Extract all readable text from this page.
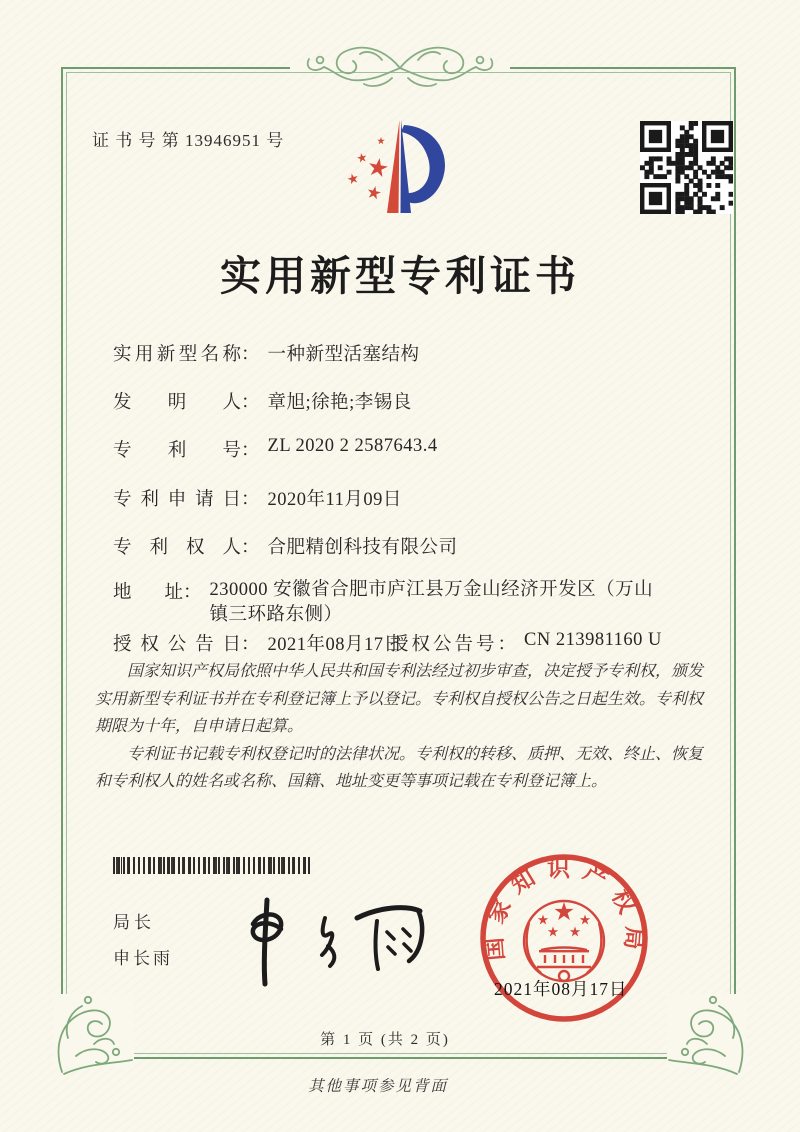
证 书 号 第 13946951 号
实用新型专利证书
实用新型名称： 一种新型活塞结构
发明人： 章旭;徐艳;李锡良
专利号： ZL 2020 2 2587643.4
专利申请日： 2020年11月09日
专利权人： 合肥精创科技有限公司
地址： 230000 安徽省合肥市庐江县万金山经济开发区（万山镇三环路东侧）
授权公告日： 2021年08月17日
授权公告号： CN 213981160 U

国家知识产权局依照中华人民共和国专利法经过初步审查，决定授予专利权，颁发实用新型专利证书并在专利登记簿上予以登记。专利权自授权公告之日起生效。专利权期限为十年，自申请日起算。

专利证书记载专利权登记时的法律状况。专利权的转移、质押、无效、终止、恢复和专利权人的姓名或名称、国籍、地址变更等事项记载在专利登记簿上。

局长
申长雨	国家知识产权局
2021年08月17日
第 1 页 (共 2 页)
其他事项参见背面
